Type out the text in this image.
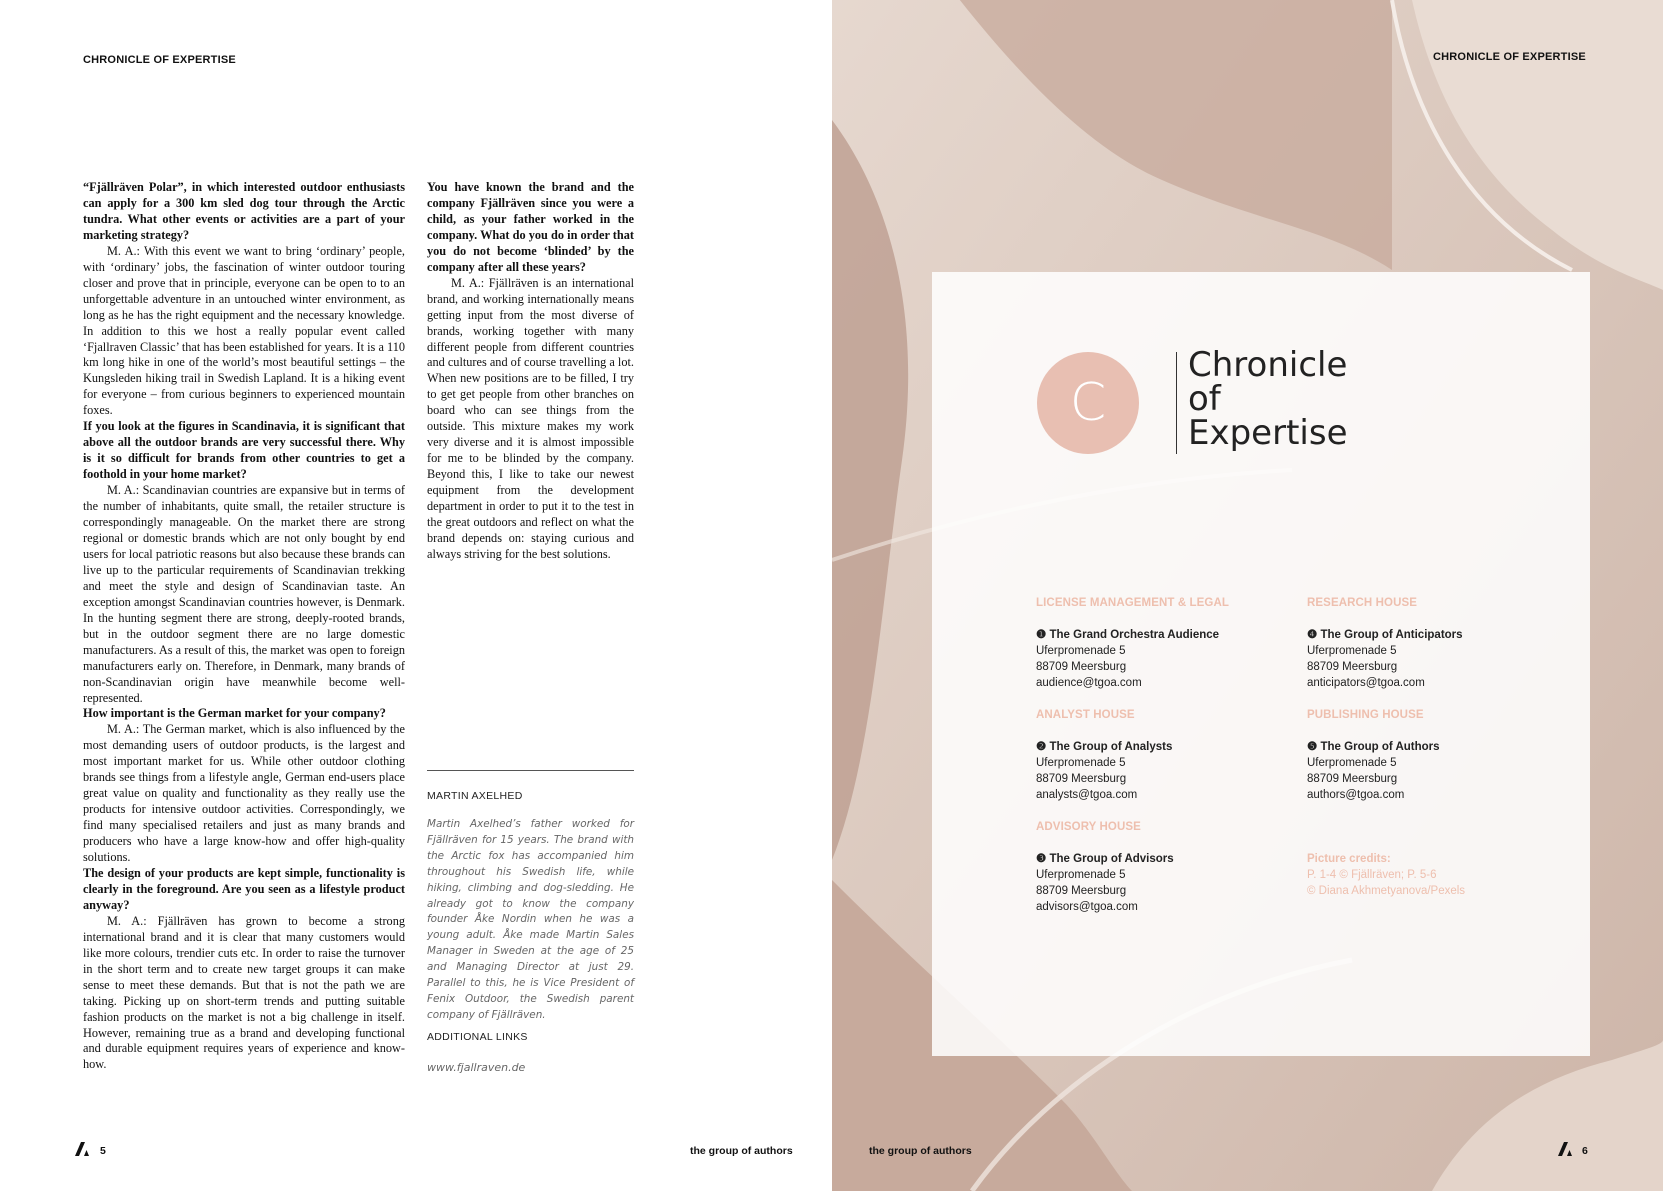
CHRONICLE OF EXPERTISE

“Fjällräven Polar”, in which interested outdoor enthusiasts can apply for a 300 km sled dog tour through the Arctic tundra. What other events or activities are a part of your marketing strategy?

M. A.: With this event we want to bring ‘ordinary’ people, with ‘ordinary’ jobs, the fascination of winter outdoor touring closer and prove that in principle, everyone can be open to to an unforgettable adventure in an untouched winter environment, as long as he has the right equipment and the necessary knowledge. In addition to this we host a really popular event called ‘Fjallraven Classic’ that has been established for years. It is a 110 km long hike in one of the world’s most beautiful settings – the Kungsleden hiking trail in Swedish Lapland. It is a hiking event for everyone – from curious beginners to experienced mountain foxes.

If you look at the figures in Scandinavia, it is significant that above all the outdoor brands are very successful there. Why is it so difficult for brands from other countries to get a foothold in your home market?

M. A.: Scandinavian countries are expansive but in terms of the number of inhabitants, quite small, the retailer structure is correspondingly manageable. On the market there are strong regional or domestic brands which are not only bought by end users for local patriotic reasons but also because these brands can live up to the particular requirements of Scandinavian trekking and meet the style and design of Scandinavian taste. An exception amongst Scandinavian countries however, is Denmark. In the hunting segment there are strong, deeply-rooted brands, but in the outdoor segment there are no large domestic manufacturers. As a result of this, the market was open to foreign manufacturers early on. Therefore, in Denmark, many brands of non-Scandinavian origin have meanwhile become well-represented.

How important is the German market for your company?

M. A.: The German market, which is also influenced by the most demanding users of outdoor products, is the largest and most important market for us. While other outdoor clothing brands see things from a lifestyle angle, German end-users place great value on quality and functionality as they really use the products for intensive outdoor activities. Correspondingly, we find many specialised retailers and just as many brands and producers who have a large know-how and offer high-quality solutions.

The design of your products are kept simple, functionality is clearly in the foreground. Are you seen as a lifestyle product anyway?

M. A.: Fjällräven has grown to become a strong international brand and it is clear that many customers would like more colours, trendier cuts etc. In order to raise the turnover in the short term and to create new target groups it can make sense to meet these demands. But that is not the path we are taking. Picking up on short-term trends and putting suitable fashion products on the market is not a big challenge in itself. However, remaining true as a brand and developing functional and durable equipment requires years of experience and know-how.

You have known the brand and the company Fjällräven since you were a child, as your father worked in the company. What do you do in order that you do not become ‘blinded’ by the company after all these years?

M. A.: Fjällräven is an international brand, and working internationally means getting input from the most diverse of brands, working together with many different people from different countries and cultures and of course travelling a lot. When new positions are to be filled, I try to get get people from other branches on board who can see things from the outside. This mixture makes my work very diverse and it is almost impossible for me to be blinded by the company. Beyond this, I like to take our newest equipment from the development department in order to put it to the test in the great outdoors and reflect on what the brand depends on: staying curious and always striving for the best solutions.

MARTIN AXELHED
Martin Axelhed’s father worked for Fjällräven for 15 years. The brand with the Arctic fox has accompanied him throughout his Swedish life, while hiking, climbing and dog-sledding. He already got to know the company founder Åke Nordin when he was a young adult. Åke made Martin Sales Manager in Sweden at the age of 25 and Managing Director at just 29. Parallel to this, he is Vice President of Fenix Outdoor, the Swedish parent company of Fjällräven.
ADDITIONAL LINKS
www.fjallraven.de
5	the group of authors
CHRONICLE OF EXPERTISE
C
Chronicle
of
Expertise
LICENSE MANAGEMENT & LEGAL
❶ The Grand Orchestra Audience
Uferpromenade 5
88709 Meersburg
audience@tgoa.com
ANALYST HOUSE
❷ The Group of Analysts
Uferpromenade 5
88709 Meersburg
analysts@tgoa.com
ADVISORY HOUSE
❸ The Group of Advisors
Uferpromenade 5
88709 Meersburg
advisors@tgoa.com
RESEARCH HOUSE
❹ The Group of Anticipators
Uferpromenade 5
88709 Meersburg
anticipators@tgoa.com
PUBLISHING HOUSE
❺ The Group of Authors
Uferpromenade 5
88709 Meersburg
authors@tgoa.com
Picture credits:
P. 1-4 © Fjällräven; P. 5-6
© Diana Akhmetyanova/Pexels
the group of authors	6
